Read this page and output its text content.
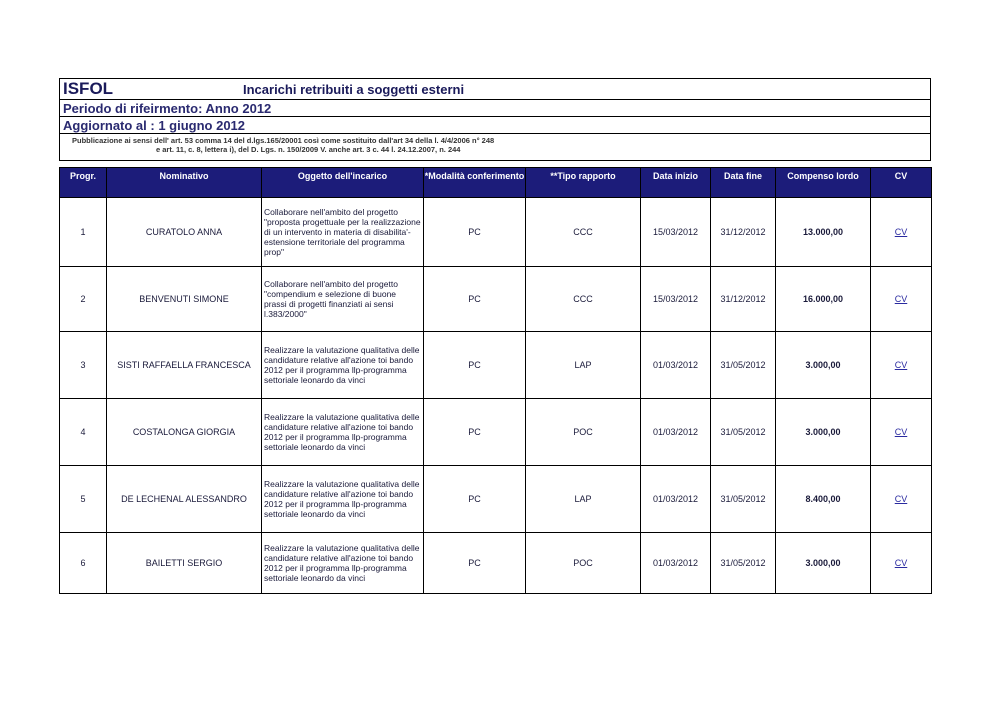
ISFOL	Incarichi retribuiti a soggetti esterni
Periodo di rifeirmento: Anno 2012
Aggiornato al : 1 giugno 2012
Pubblicazione ai sensi dell' art. 53 comma 14 del d.lgs.165/20001 così come sostituito dall'art 34 della l. 4/4/2006 n° 248
e art. 11, c. 8, lettera i), del D. Lgs. n. 150/2009 V. anche art. 3 c. 44 l. 24.12.2007, n. 244
Progr.	Nominativo	Oggetto dell'incarico	*Modalità conferimento	**Tipo rapporto	Data inizio	Data fine	Compenso lordo	CV
1	CURATOLO ANNA	Collaborare nell'ambito del progetto "proposta progettuale per la realizzazione di un intervento in materia di disabilita'-estensione territoriale del programma prop"	PC	CCC	15/03/2012	31/12/2012	13.000,00	CV
2	BENVENUTI SIMONE	Collaborare nell'ambito del progetto "compendium e selezione di buone prassi di progetti finanziati ai sensi l.383/2000"	PC	CCC	15/03/2012	31/12/2012	16.000,00	CV
3	SISTI RAFFAELLA FRANCESCA	Realizzare la valutazione qualitativa delle candidature relative all'azione toi bando 2012 per il programma llp-programma settoriale leonardo da vinci	PC	LAP	01/03/2012	31/05/2012	3.000,00	CV
4	COSTALONGA GIORGIA	Realizzare la valutazione qualitativa delle candidature relative all'azione toi bando 2012 per il programma llp-programma settoriale leonardo da vinci	PC	POC	01/03/2012	31/05/2012	3.000,00	CV
5	DE LECHENAL ALESSANDRO	Realizzare la valutazione qualitativa delle candidature relative all'azione toi bando 2012 per il programma llp-programma settoriale leonardo da vinci	PC	LAP	01/03/2012	31/05/2012	8.400,00	CV
6	BAILETTI SERGIO	Realizzare la valutazione qualitativa delle candidature relative all'azione toi bando 2012 per il programma llp-programma settoriale leonardo da vinci	PC	POC	01/03/2012	31/05/2012	3.000,00	CV
